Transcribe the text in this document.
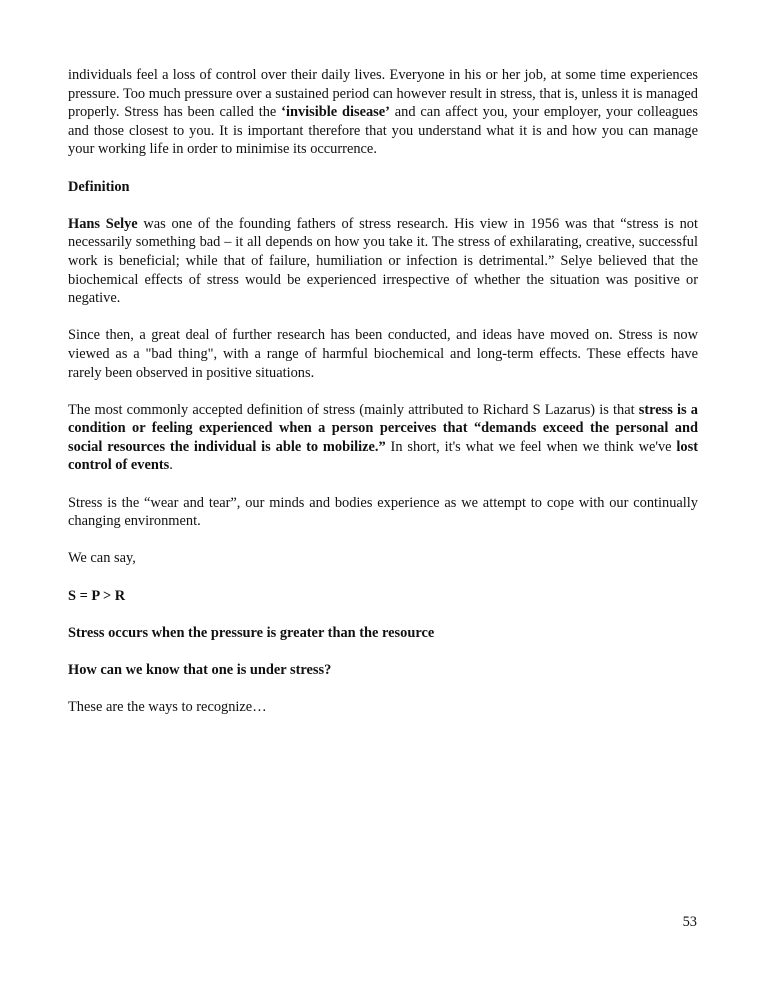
individuals feel a loss of control over their daily lives. Everyone in his or her job, at some time experiences pressure. Too much pressure over a sustained period can however result in stress, that is, unless it is managed properly. Stress has been called the ‘invisible disease’ and can affect you, your employer, your colleagues and those closest to you. It is important therefore that you understand what it is and how you can manage your working life in order to minimise its occurrence.

Definition

Hans Selye was one of the founding fathers of stress research. His view in 1956 was that “stress is not necessarily something bad – it all depends on how you take it. The stress of exhilarating, creative, successful work is beneficial; while that of failure, humiliation or infection is detrimental.” Selye believed that the biochemical effects of stress would be experienced irrespective of whether the situation was positive or negative.

Since then, a great deal of further research has been conducted, and ideas have moved on. Stress is now viewed as a "bad thing", with a range of harmful biochemical and long-term effects. These effects have rarely been observed in positive situations.

The most commonly accepted definition of stress (mainly attributed to Richard S Lazarus) is that stress is a condition or feeling experienced when a person perceives that “demands exceed the personal and social resources the individual is able to mobilize.” In short, it's what we feel when we think we've lost control of events.

Stress is the “wear and tear”, our minds and bodies experience as we attempt to cope with our continually changing environment.

We can say,

S = P > R

Stress occurs when the pressure is greater than the resource

How can we know that one is under stress?

These are the ways to recognize…

53
